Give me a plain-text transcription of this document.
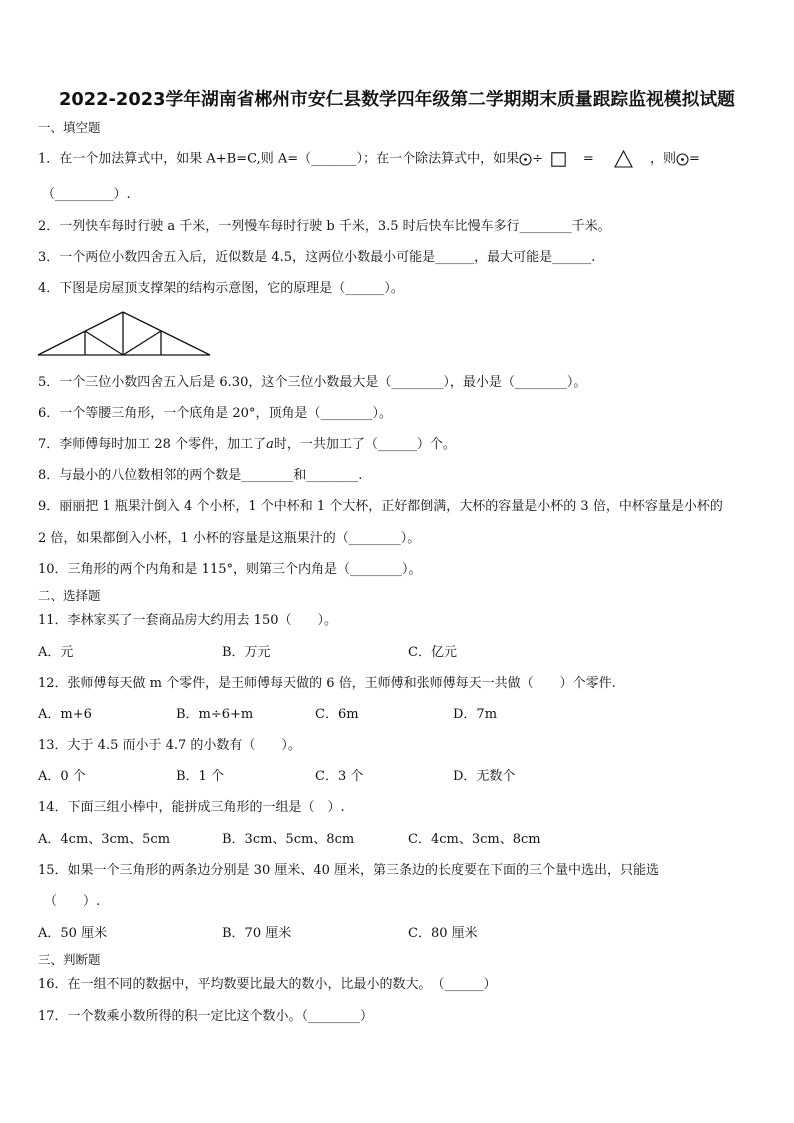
2022-2023学年湖南省郴州市安仁县数学四年级第二学期期末质量跟踪监视模拟试题
一、填空题
1．在一个加法算式中，如果 A+B=C,则 A=（_______）；在一个除法算式中，如果 ÷	=	，则 =
（_________）.
2．一列快车每时行驶 a 千米，一列慢车每时行驶 b 千米，3.5 时后快车比慢车多行________千米。
3．一个两位小数四舍五入后，近似数是 4.5，这两位小数最小可能是______，最大可能是______.
4．下图是房屋顶支撑架的结构示意图，它的原理是（______）。
5．一个三位小数四舍五入后是 6.30，这个三位小数最大是（________），最小是（________）。
6．一个等腰三角形，一个底角是 20°，顶角是（________）。
7．李师傅每时加工 28 个零件，加工了a时，一共加工了（______）个。
8．与最小的八位数相邻的两个数是________和________.
9．丽丽把 1 瓶果汁倒入 4 个小杯，1 个中杯和 1 个大杯，正好都倒满，大杯的容量是小杯的 3 倍，中杯容量是小杯的
2 倍，如果都倒入小杯，1 小杯的容量是这瓶果汁的（________）。
10．三角形的两个内角和是 115°，则第三个内角是（________）。
二、选择题
11．李林家买了一套商品房大约用去 150（　　）。
A．元	B．万元	C．亿元
12．张师傅每天做 m 个零件，是王师傅每天做的 6 倍，王师傅和张师傅每天一共做（　　）个零件.
A．m+6	B．m÷6+m	C．6m	D．7m
13．大于 4.5 而小于 4.7 的小数有（　　）。
A．0 个	B．1 个	C．3 个	D．无数个
14．下面三组小棒中，能拼成三角形的一组是（　）.
A．4cm、3cm、5cm	B．3cm、5cm、8cm	C．4cm、3cm、8cm
15．如果一个三角形的两条边分别是 30 厘米、40 厘米，第三条边的长度要在下面的三个量中选出，只能选
（　　）.
A．50 厘米	B．70 厘米	C．80 厘米
三、判断题
16．在一组不同的数据中，平均数要比最大的数小，比最小的数大。　（______）
17．一个数乘小数所得的积一定比这个数小。（________）
